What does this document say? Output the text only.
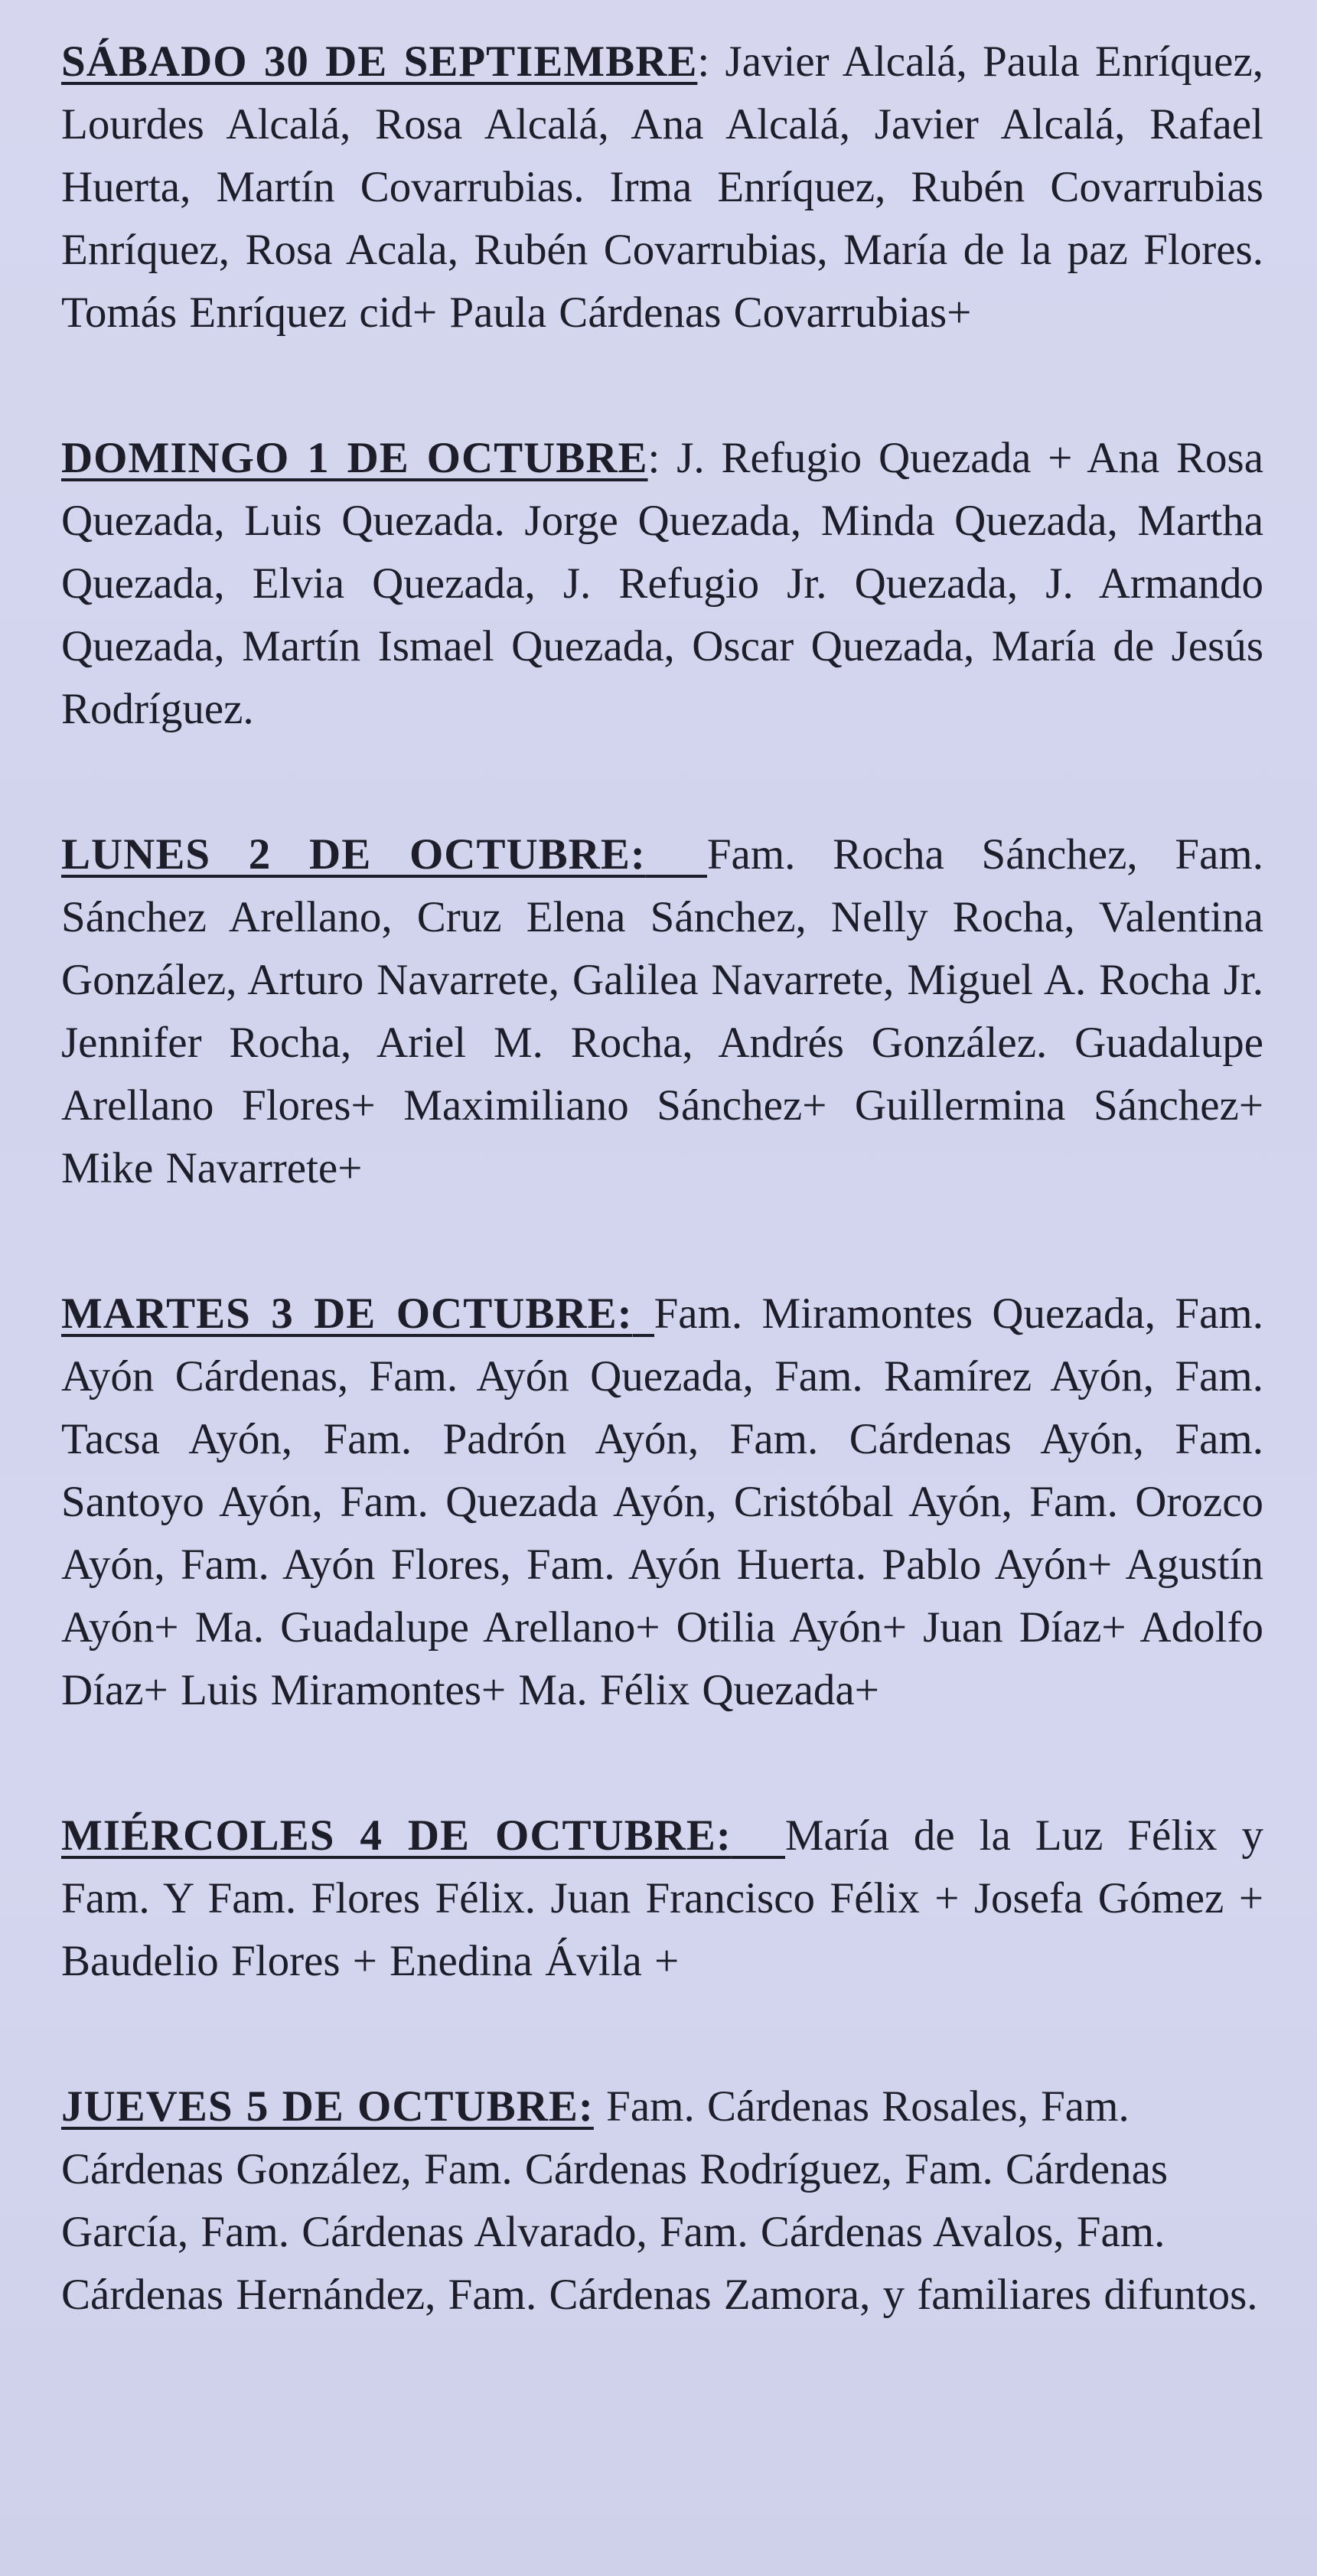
SÁBADO 30 DE SEPTIEMBRE: Javier Alcalá, Paula Enríquez, Lourdes Alcalá, Rosa Alcalá, Ana Alcalá, Javier Alcalá, Rafael Huerta, Martín Covarrubias. Irma Enríquez, Rubén Covarrubias Enríquez, Rosa Acala, Rubén Covarrubias, María de la paz Flores. Tomás Enríquez cid+ Paula Cárdenas Covarrubias+

DOMINGO 1 DE OCTUBRE: J. Refugio Quezada + Ana Rosa Quezada, Luis Quezada. Jorge Quezada, Minda Quezada, Martha Quezada, Elvia Quezada, J. Refugio Jr. Quezada, J. Armando Quezada, Martín Ismael Quezada, Oscar Quezada, María de Jesús Rodríguez.

LUNES 2 DE OCTUBRE: Fam. Rocha Sánchez, Fam. Sánchez Arellano, Cruz Elena Sánchez, Nelly Rocha, Valentina González, Arturo Navarrete, Galilea Navarrete, Miguel A. Rocha Jr. Jennifer Rocha, Ariel M. Rocha, Andrés González. Guadalupe Arellano Flores+ Maximiliano Sánchez+ Guillermina Sánchez+ Mike Navarrete+

MARTES 3 DE OCTUBRE: Fam. Miramontes Quezada, Fam. Ayón Cárdenas, Fam. Ayón Quezada, Fam. Ramírez Ayón, Fam. Tacsa Ayón, Fam. Padrón Ayón, Fam. Cárdenas Ayón, Fam. Santoyo Ayón, Fam. Quezada Ayón, Cristóbal Ayón, Fam. Orozco Ayón, Fam. Ayón Flores, Fam. Ayón Huerta. Pablo Ayón+ Agustín Ayón+ Ma. Guadalupe Arellano+ Otilia Ayón+ Juan Díaz+ Adolfo Díaz+ Luis Miramontes+ Ma. Félix Quezada+

MIÉRCOLES 4 DE OCTUBRE: María de la Luz Félix y Fam. Y Fam. Flores Félix. Juan Francisco Félix + Josefa Gómez + Baudelio Flores + Enedina Ávila +

JUEVES 5 DE OCTUBRE: Fam. Cárdenas Rosales, Fam. Cárdenas González, Fam. Cárdenas Rodríguez, Fam. Cárdenas García, Fam. Cárdenas Alvarado, Fam. Cárdenas Avalos, Fam. Cárdenas Hernández, Fam. Cárdenas Zamora, y familiares difuntos.
